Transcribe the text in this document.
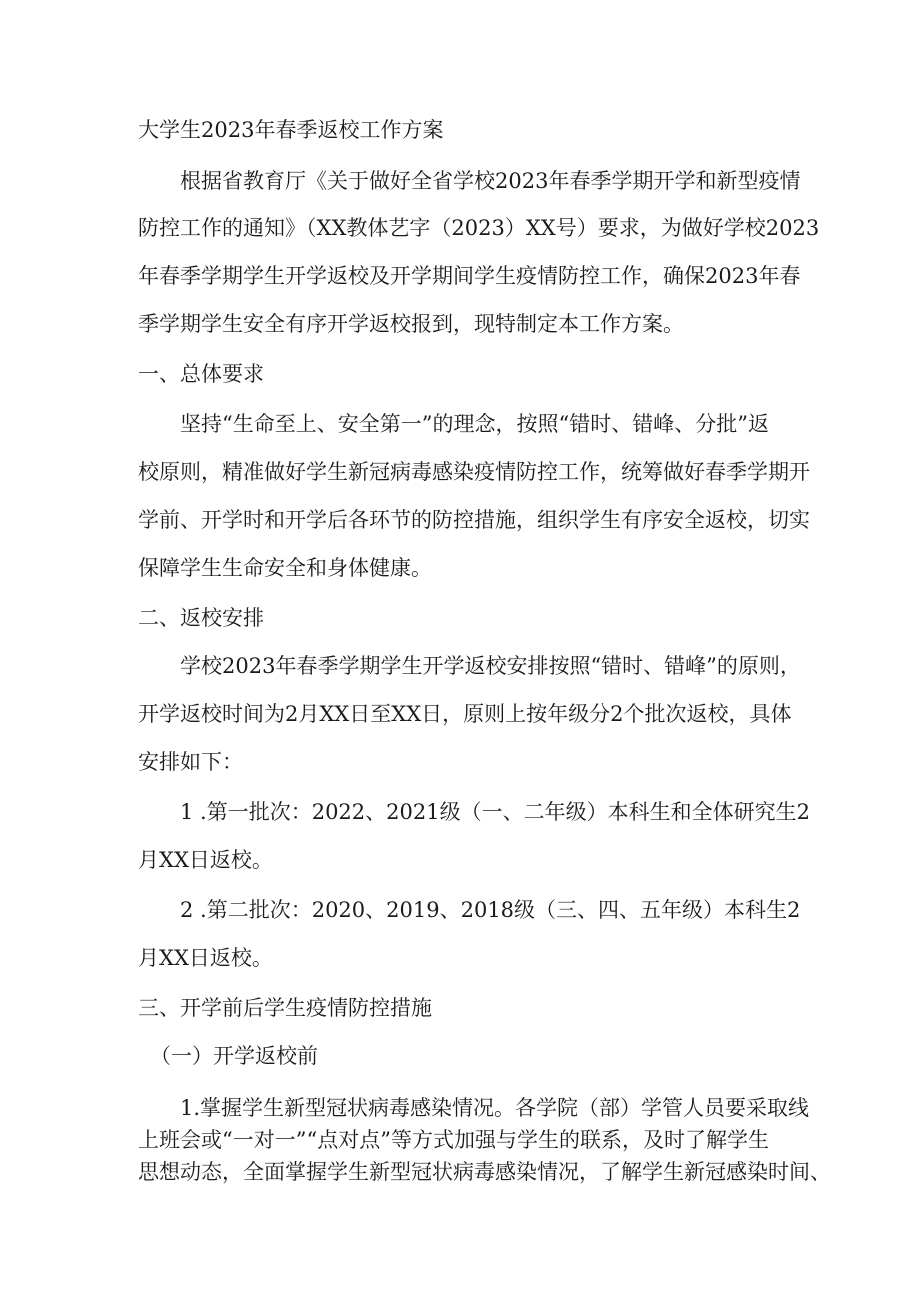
大学生2023年春季返校工作方案

根据省教育厅《关于做好全省学校2023年春季学期开学和新型疫情

防控工作的通知》（XX教体艺字（2023）XX号）要求，为做好学校2023

年春季学期学生开学返校及开学期间学生疫情防控工作，确保2023年春

季学期学生安全有序开学返校报到，现特制定本工作方案。

一、总体要求

坚持“生命至上、安全第一”的理念，按照“错时、错峰、分批”返

校原则，精准做好学生新冠病毒感染疫情防控工作，统筹做好春季学期开

学前、开学时和开学后各环节的防控措施，组织学生有序安全返校，切实

保障学生生命安全和身体健康。

二、返校安排

学校2023年春季学期学生开学返校安排按照“错时、错峰”的原则，

开学返校时间为2月XX日至XX日，原则上按年级分2个批次返校，具体

安排如下：

1 .第一批次：2022、2021级（一、二年级）本科生和全体研究生2

月XX日返校。

2 .第二批次：2020、2019、2018级（三、四、五年级）本科生2

月XX日返校。

三、开学前后学生疫情防控措施

（一）开学返校前

1.掌握学生新型冠状病毒感染情况。各学院（部）学管人员要采取线

上班会或“一对一”“点对点”等方式加强与学生的联系，及时了解学生

思想动态，全面掌握学生新型冠状病毒感染情况，了解学生新冠感染时间、
